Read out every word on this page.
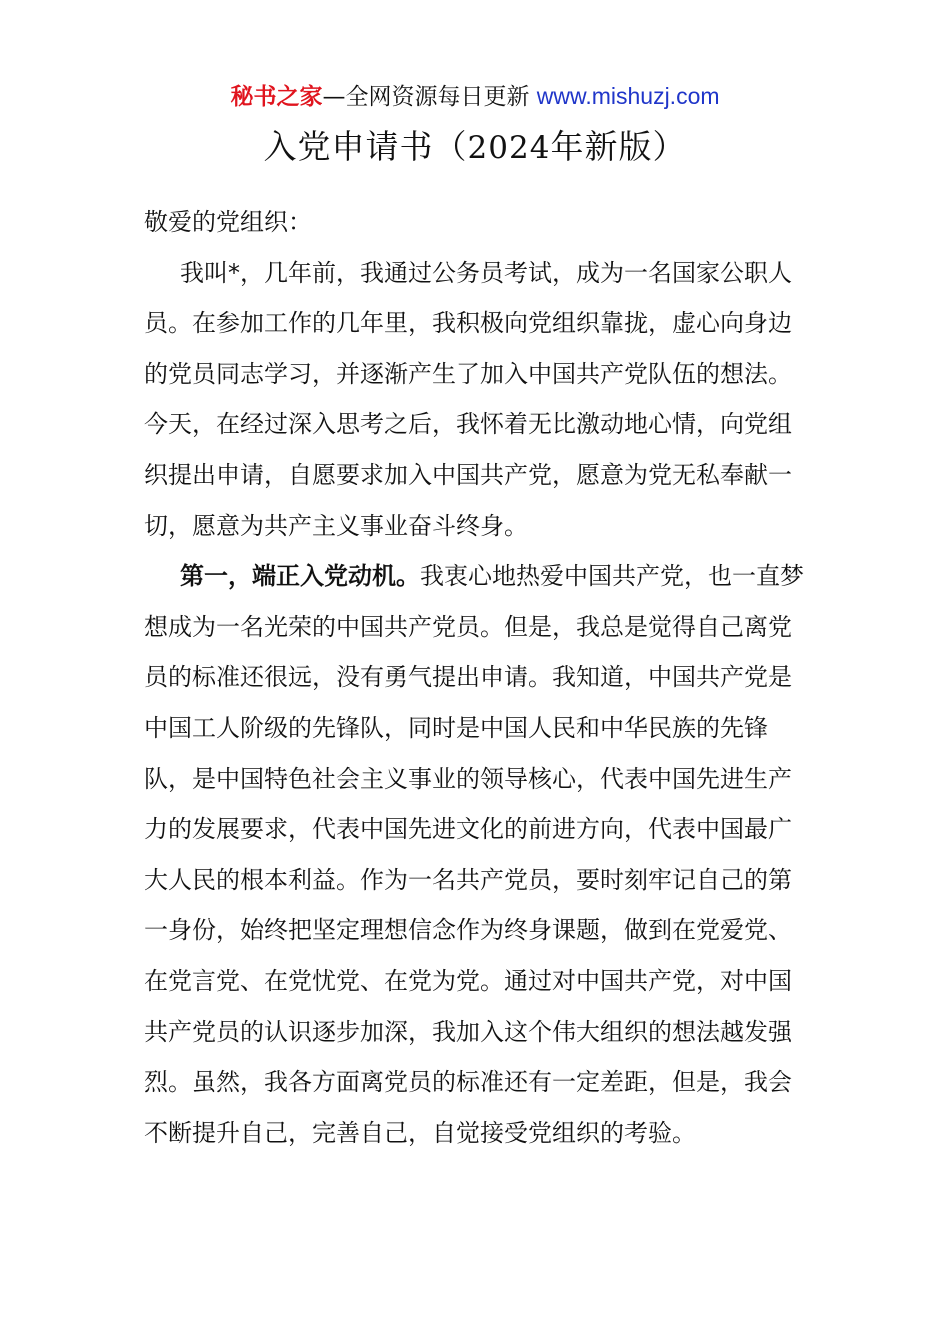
秘书之家—全网资源每日更新 www.mishuzj.com
入党申请书（2024年新版）

敬爱的党组织：

我叫*，几年前，我通过公务员考试，成为一名国家公职人员。在参加工作的几年里，我积极向党组织靠拢，虚心向身边的党员同志学习，并逐渐产生了加入中国共产党队伍的想法。今天，在经过深入思考之后，我怀着无比激动地心情，向党组织提出申请，自愿要求加入中国共产党，愿意为党无私奉献一切，愿意为共产主义事业奋斗终身。

第一，端正入党动机。我衷心地热爱中国共产党，也一直梦想成为一名光荣的中国共产党员。但是，我总是觉得自己离党员的标准还很远，没有勇气提出申请。我知道，中国共产党是中国工人阶级的先锋队，同时是中国人民和中华民族的先锋队，是中国特色社会主义事业的领导核心，代表中国先进生产力的发展要求，代表中国先进文化的前进方向，代表中国最广大人民的根本利益。作为一名共产党员，要时刻牢记自己的第一身份，始终把坚定理想信念作为终身课题，做到在党爱党、在党言党、在党忧党、在党为党。通过对中国共产党，对中国共产党员的认识逐步加深，我加入这个伟大组织的想法越发强烈。虽然，我各方面离党员的标准还有一定差距，但是，我会不断提升自己，完善自己，自觉接受党组织的考验。
